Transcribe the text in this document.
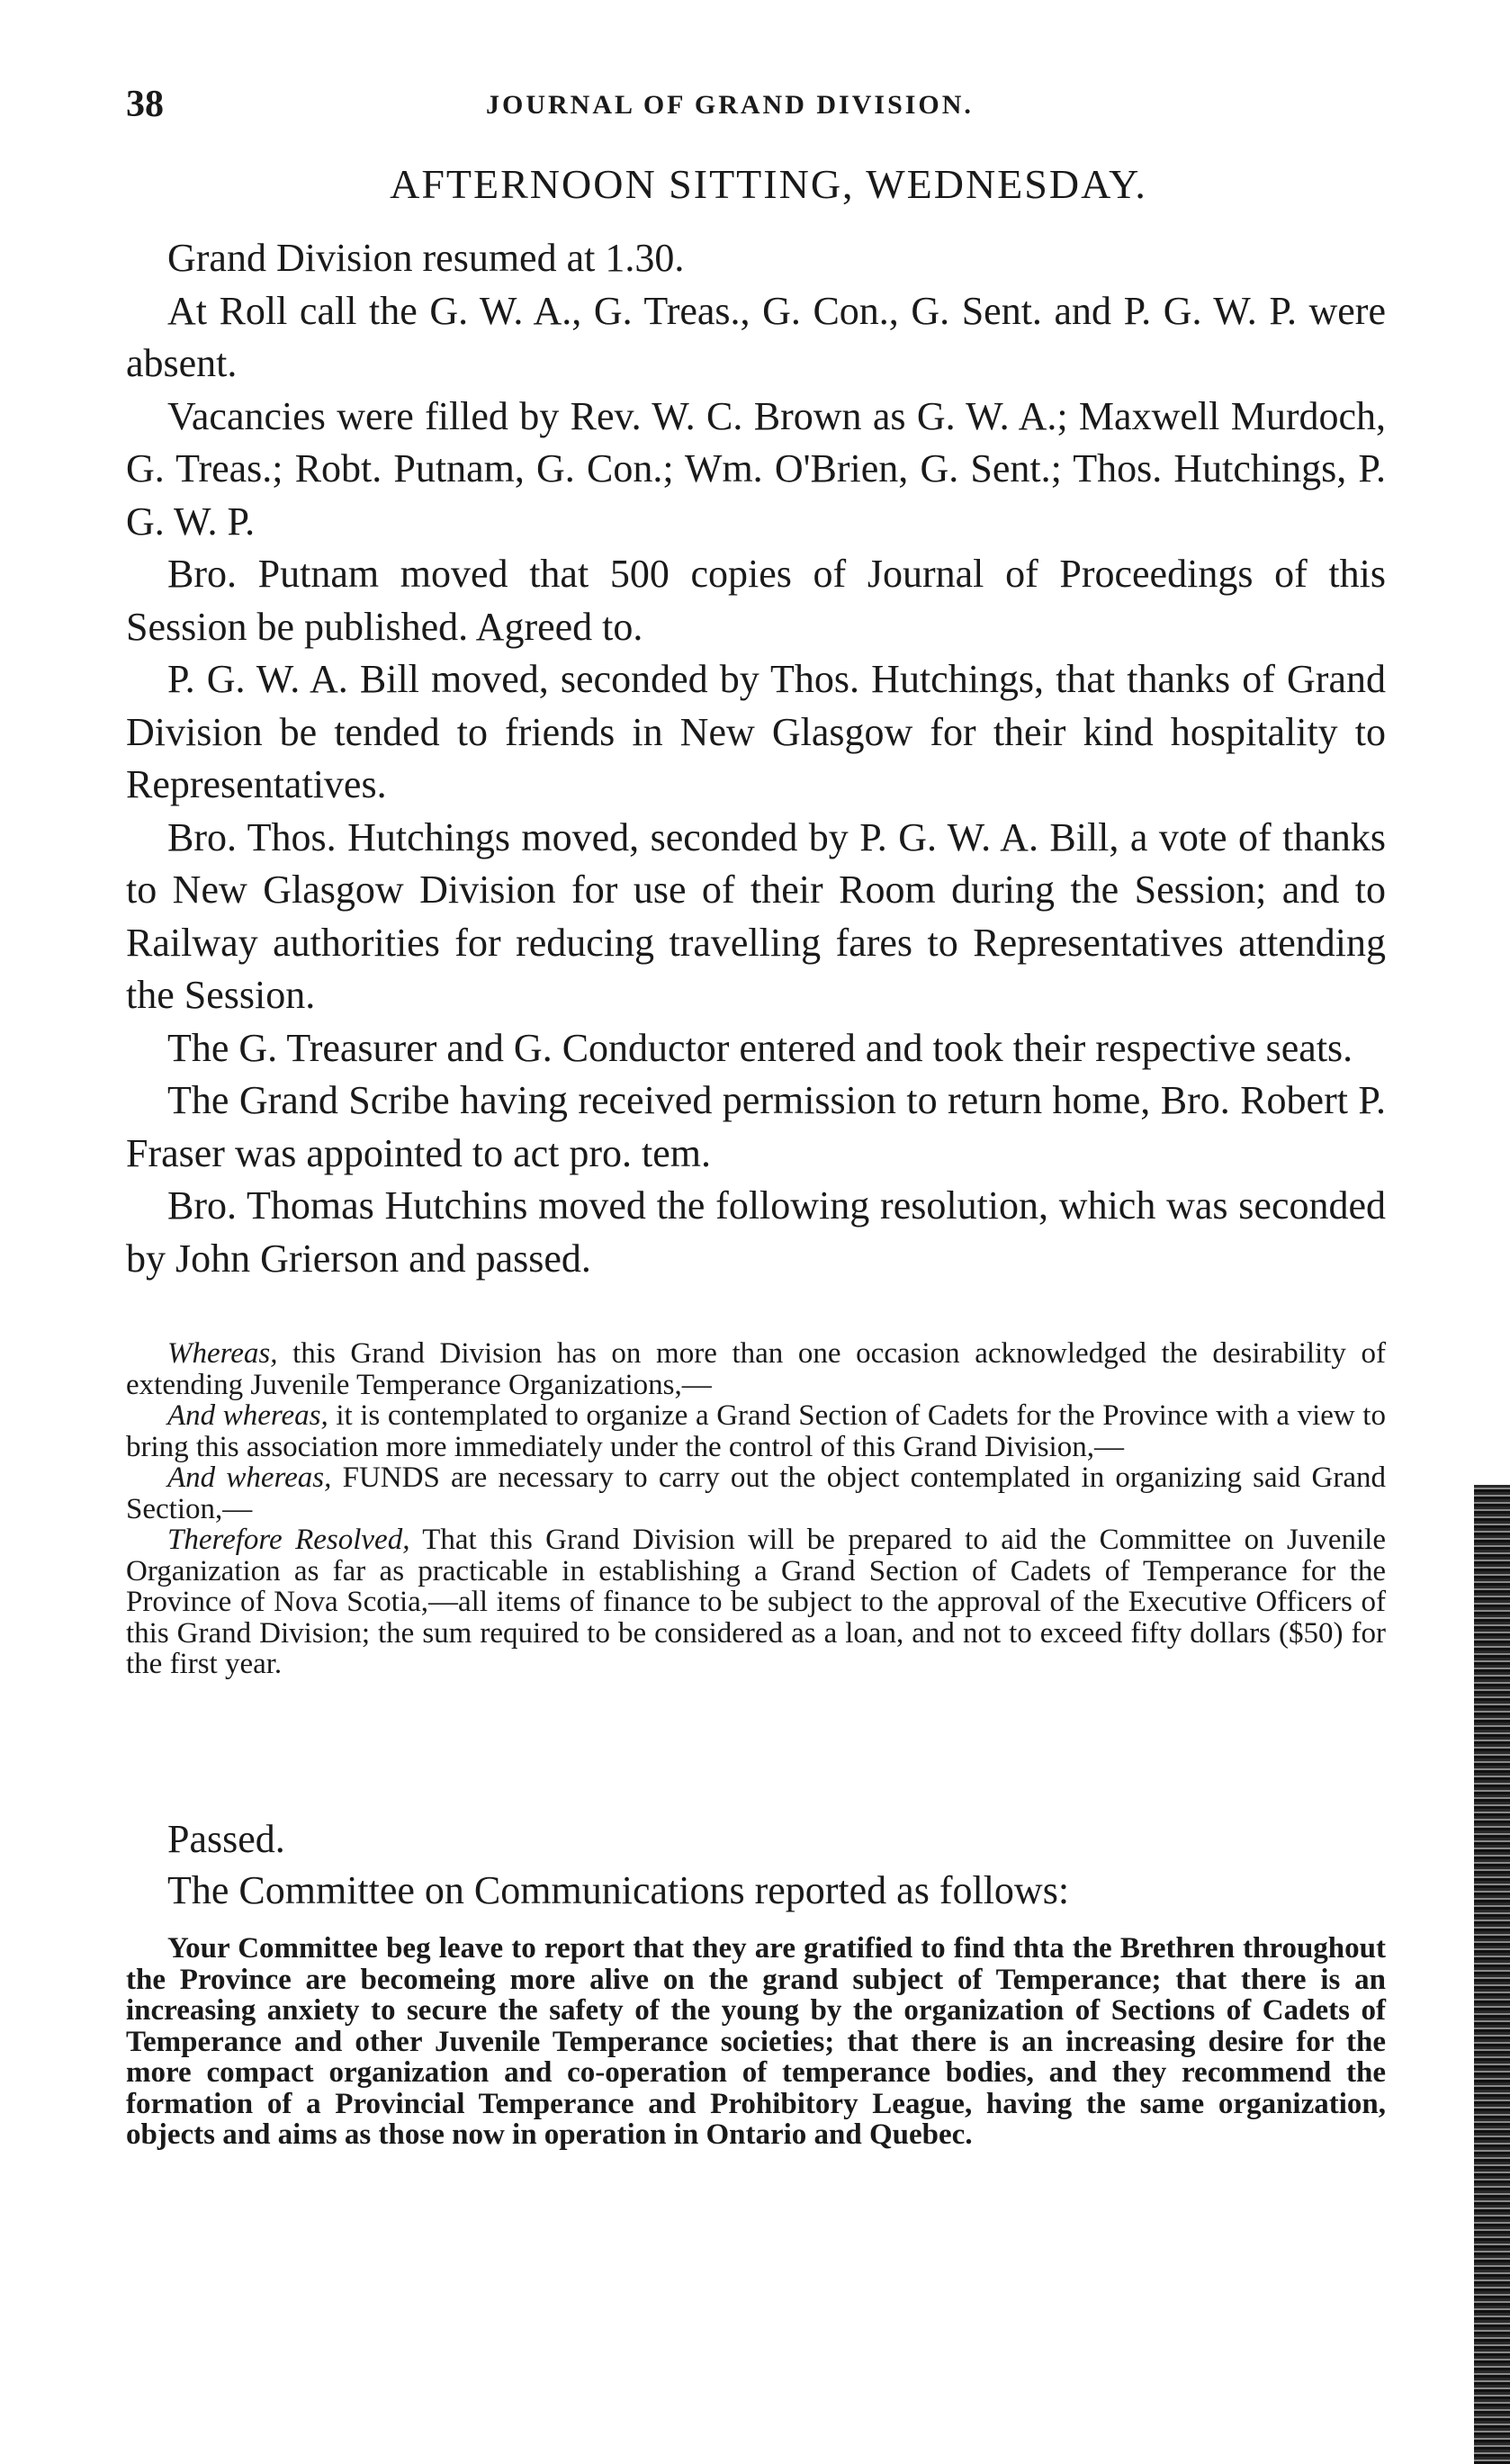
38	JOURNAL OF GRAND DIVISION.
AFTERNOON SITTING, WEDNESDAY.

Grand Division resumed at 1.30.

At Roll call the G. W. A., G. Treas., G. Con., G. Sent. and P. G. W. P. were absent.

Vacancies were filled by Rev. W. C. Brown as G. W. A.; Maxwell Murdoch, G. Treas.; Robt. Putnam, G. Con.; Wm. O'Brien, G. Sent.; Thos. Hutchings, P. G. W. P.

Bro. Putnam moved that 500 copies of Journal of Proceedings of this Session be published. Agreed to.

P. G. W. A. Bill moved, seconded by Thos. Hutchings, that thanks of Grand Division be tended to friends in New Glasgow for their kind hospitality to Representatives.

Bro. Thos. Hutchings moved, seconded by P. G. W. A. Bill, a vote of thanks to New Glasgow Division for use of their Room during the Session; and to Railway authorities for reducing travelling fares to Representatives attending the Session.

The G. Treasurer and G. Conductor entered and took their respective seats.

The Grand Scribe having received permission to return home, Bro. Robert P. Fraser was appointed to act pro. tem.

Bro. Thomas Hutchins moved the following resolution, which was seconded by John Grierson and passed.

Whereas, this Grand Division has on more than one occasion acknowledged the desirability of extending Juvenile Temperance Organizations,—

And whereas, it is contemplated to organize a Grand Section of Cadets for the Province with a view to bring this association more immediately under the control of this Grand Division,—

And whereas, FUNDS are necessary to carry out the object contemplated in organizing said Grand Section,—

Therefore Resolved, That this Grand Division will be prepared to aid the Committee on Juvenile Organization as far as practicable in establishing a Grand Section of Cadets of Temperance for the Province of Nova Scotia,—all items of finance to be subject to the approval of the Executive Officers of this Grand Division; the sum required to be considered as a loan, and not to exceed fifty dollars ($50) for the first year.

Passed.
The Committee on Communications reported as follows:

Your Committee beg leave to report that they are gratified to find thta the Brethren throughout the Province are becomeing more alive on the grand subject of Temperance; that there is an increasing anxiety to secure the safety of the young by the organization of Sections of Cadets of Temperance and other Juvenile Temperance societies; that there is an increasing desire for the more compact organization and co-operation of temperance bodies, and they recommend the formation of a Provincial Temperance and Prohibitory League, having the same organization, objects and aims as those now in operation in Ontario and Quebec.
